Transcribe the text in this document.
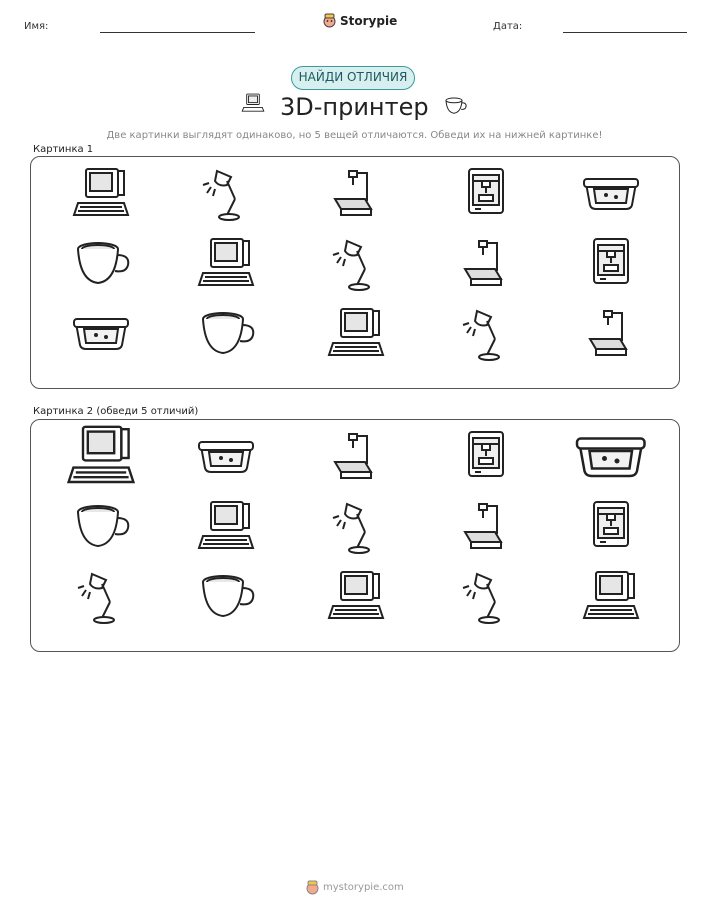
Имя:	Storypie	Дата:
НАЙДИ ОТЛИЧИЯ
3D-принтер
Две картинки выглядят одинаково, но 5 вещей отличаются. Обведи их на нижней картинке!
Картинка 1
Картинка 2 (обведи 5 отличий)
mystorypie.com
